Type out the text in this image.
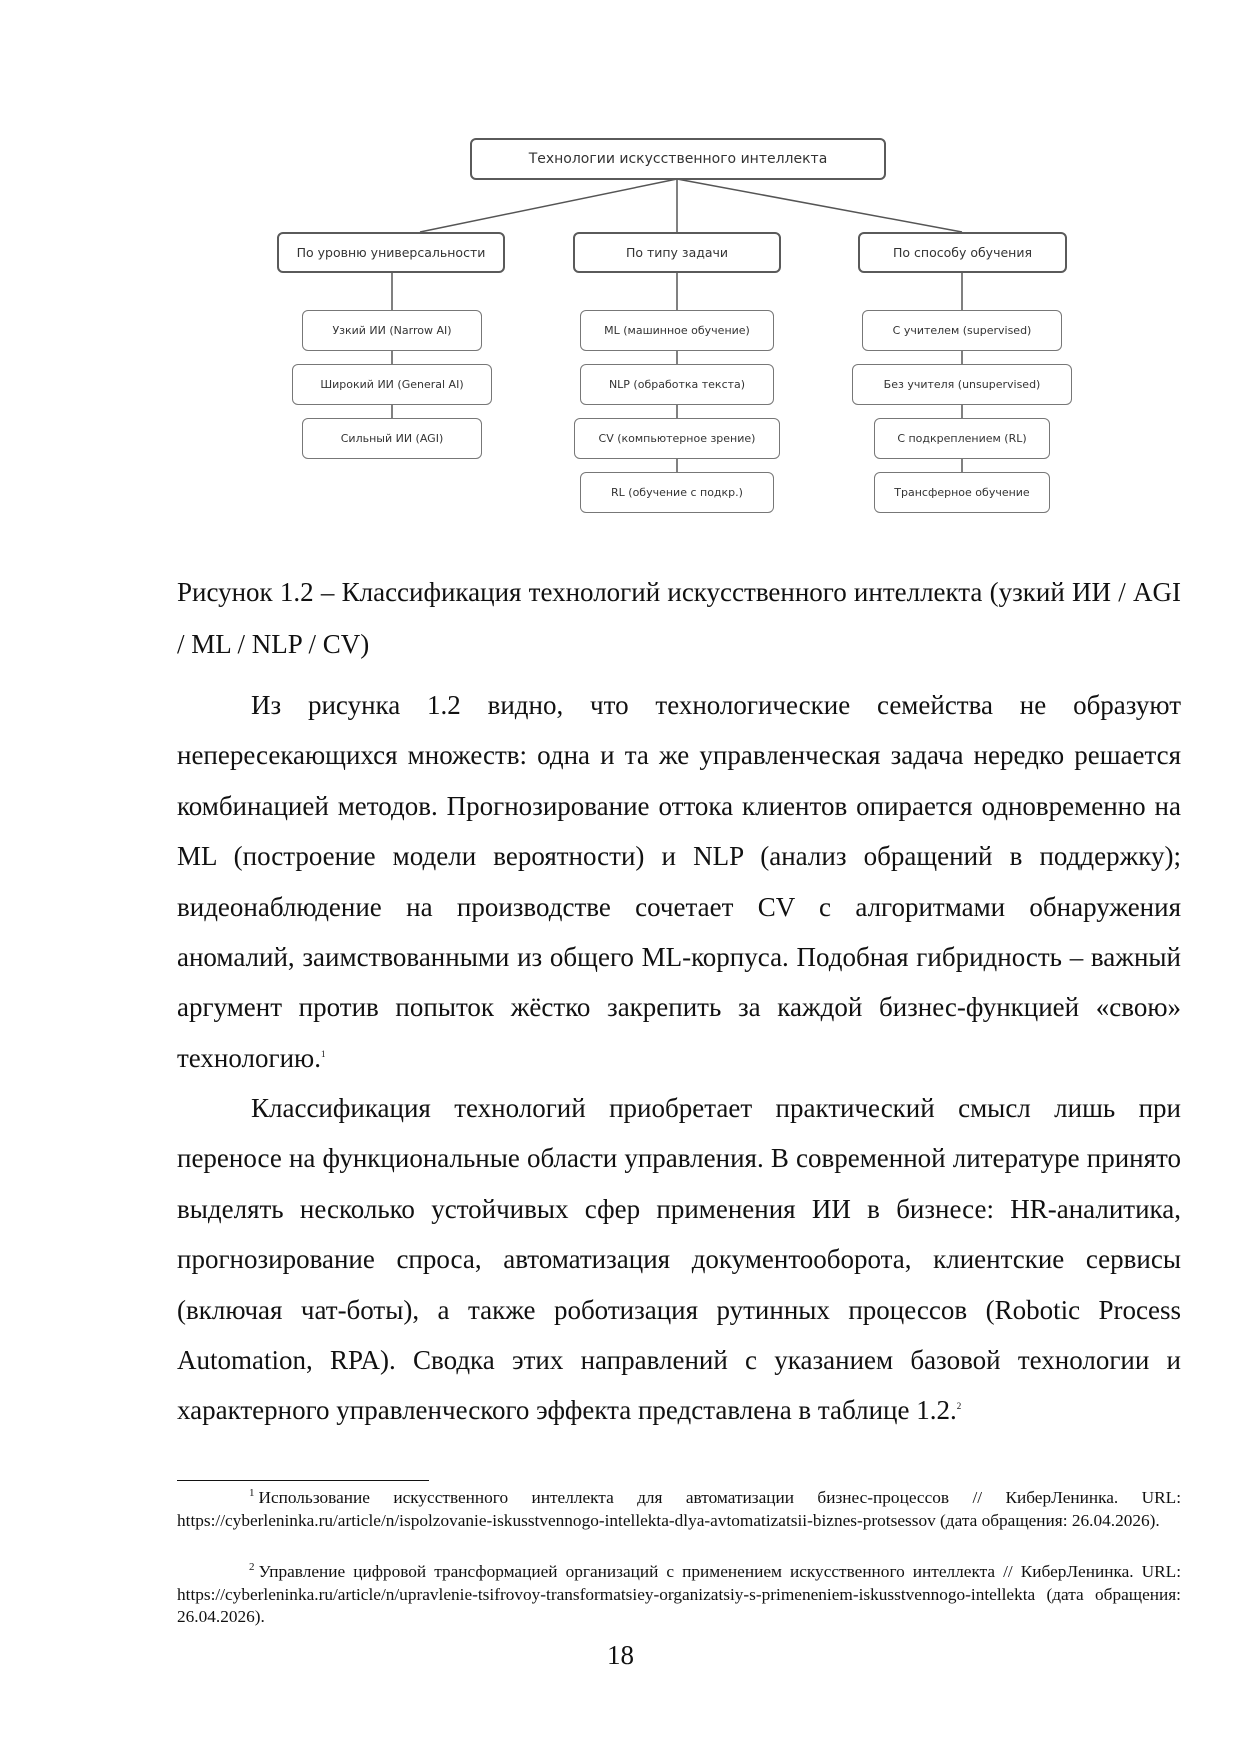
Технологии искусственного интеллекта
По уровню универсальности	По типу задачи	По способу обучения
Узкий ИИ (Narrow AI)
Широкий ИИ (General AI)
Сильный ИИ (AGI)
ML (машинное обучение)
NLP (обработка текста)
CV (компьютерное зрение)
RL (обучение с подкр.)
С учителем (supervised)
Без учителя (unsupervised)
С подкреплением (RL)
Трансферное обучение
Рисунок 1.2 – Классификация технологий искусственного интеллекта (узкий ИИ / AGI / ML / NLP / CV)

Из рисунка 1.2 видно, что технологические семейства не образуют непересекающихся множеств: одна и та же управленческая задача нередко решается комбинацией методов. Прогнозирование оттока клиентов опирается одновременно на ML (построение модели вероятности) и NLP (анализ обращений в поддержку); видеонаблюдение на производстве сочетает CV с алгоритмами обнаружения аномалий, заимствованными из общего ML-корпуса. Подобная гибридность – важный аргумент против попыток жёстко закрепить за каждой бизнес-функцией «свою» технологию.$^1$

Классификация технологий приобретает практический смысл лишь при переносе на функциональные области управления. В современной литературе принято выделять несколько устойчивых сфер применения ИИ в бизнесе: HR-аналитика, прогнозирование спроса, автоматизация документооборота, клиентские сервисы (включая чат-боты), а также роботизация рутинных процессов (Robotic Process Automation, RPA). Сводка этих направлений с указанием базовой технологии и характерного управленческого эффекта представлена в таблице 1.2.$^2$

$^1$ Использование искусственного интеллекта для автоматизации бизнес-процессов // КиберЛенинка. URL: https://cyberleninka.ru/article/n/ispolzovanie-iskusstvennogo-intellekta-dlya-avtomatizatsii-biznes-protsessov (дата обращения: 26.04.2026).

$^2$ Управление цифровой трансформацией организаций с применением искусственного интеллекта // КиберЛенинка. URL: https://cyberleninka.ru/article/n/upravlenie-tsifrovoy-transformatsiey-organizatsiy-s-primeneniem-iskusstvennogo-intellekta (дата обращения: 26.04.2026).

18
